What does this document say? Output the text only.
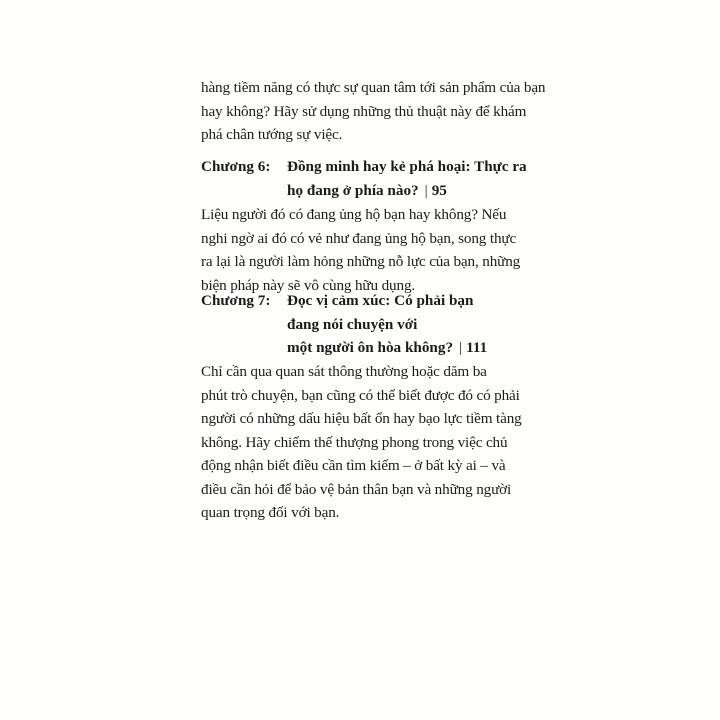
hàng tiềm năng có thực sự quan tâm tới sản phẩm của bạn
hay không? Hãy sử dụng những thủ thuật này để khám
phá chân tướng sự việc.

Chương 6:	Đồng minh hay kẻ phá hoại: Thực ra
họ đang ở phía nào? | 95

Liệu người đó có đang ủng hộ bạn hay không? Nếu
nghi ngờ ai đó có vẻ như đang ủng hộ bạn, song thực
ra lại là người làm hỏng những nỗ lực của bạn, những
biện pháp này sẽ vô cùng hữu dụng.

Chương 7:	Đọc vị cảm xúc: Có phải bạn
đang nói chuyện với
một người ôn hòa không? | 111

Chỉ cần qua quan sát thông thường hoặc dăm ba
phút trò chuyện, bạn cũng có thể biết được đó có phải
người có những dấu hiệu bất ổn hay bạo lực tiềm tàng
không. Hãy chiếm thế thượng phong trong việc chủ
động nhận biết điều cần tìm kiếm – ở bất kỳ ai – và
điều cần hỏi để bảo vệ bản thân bạn và những người
quan trọng đối với bạn.
